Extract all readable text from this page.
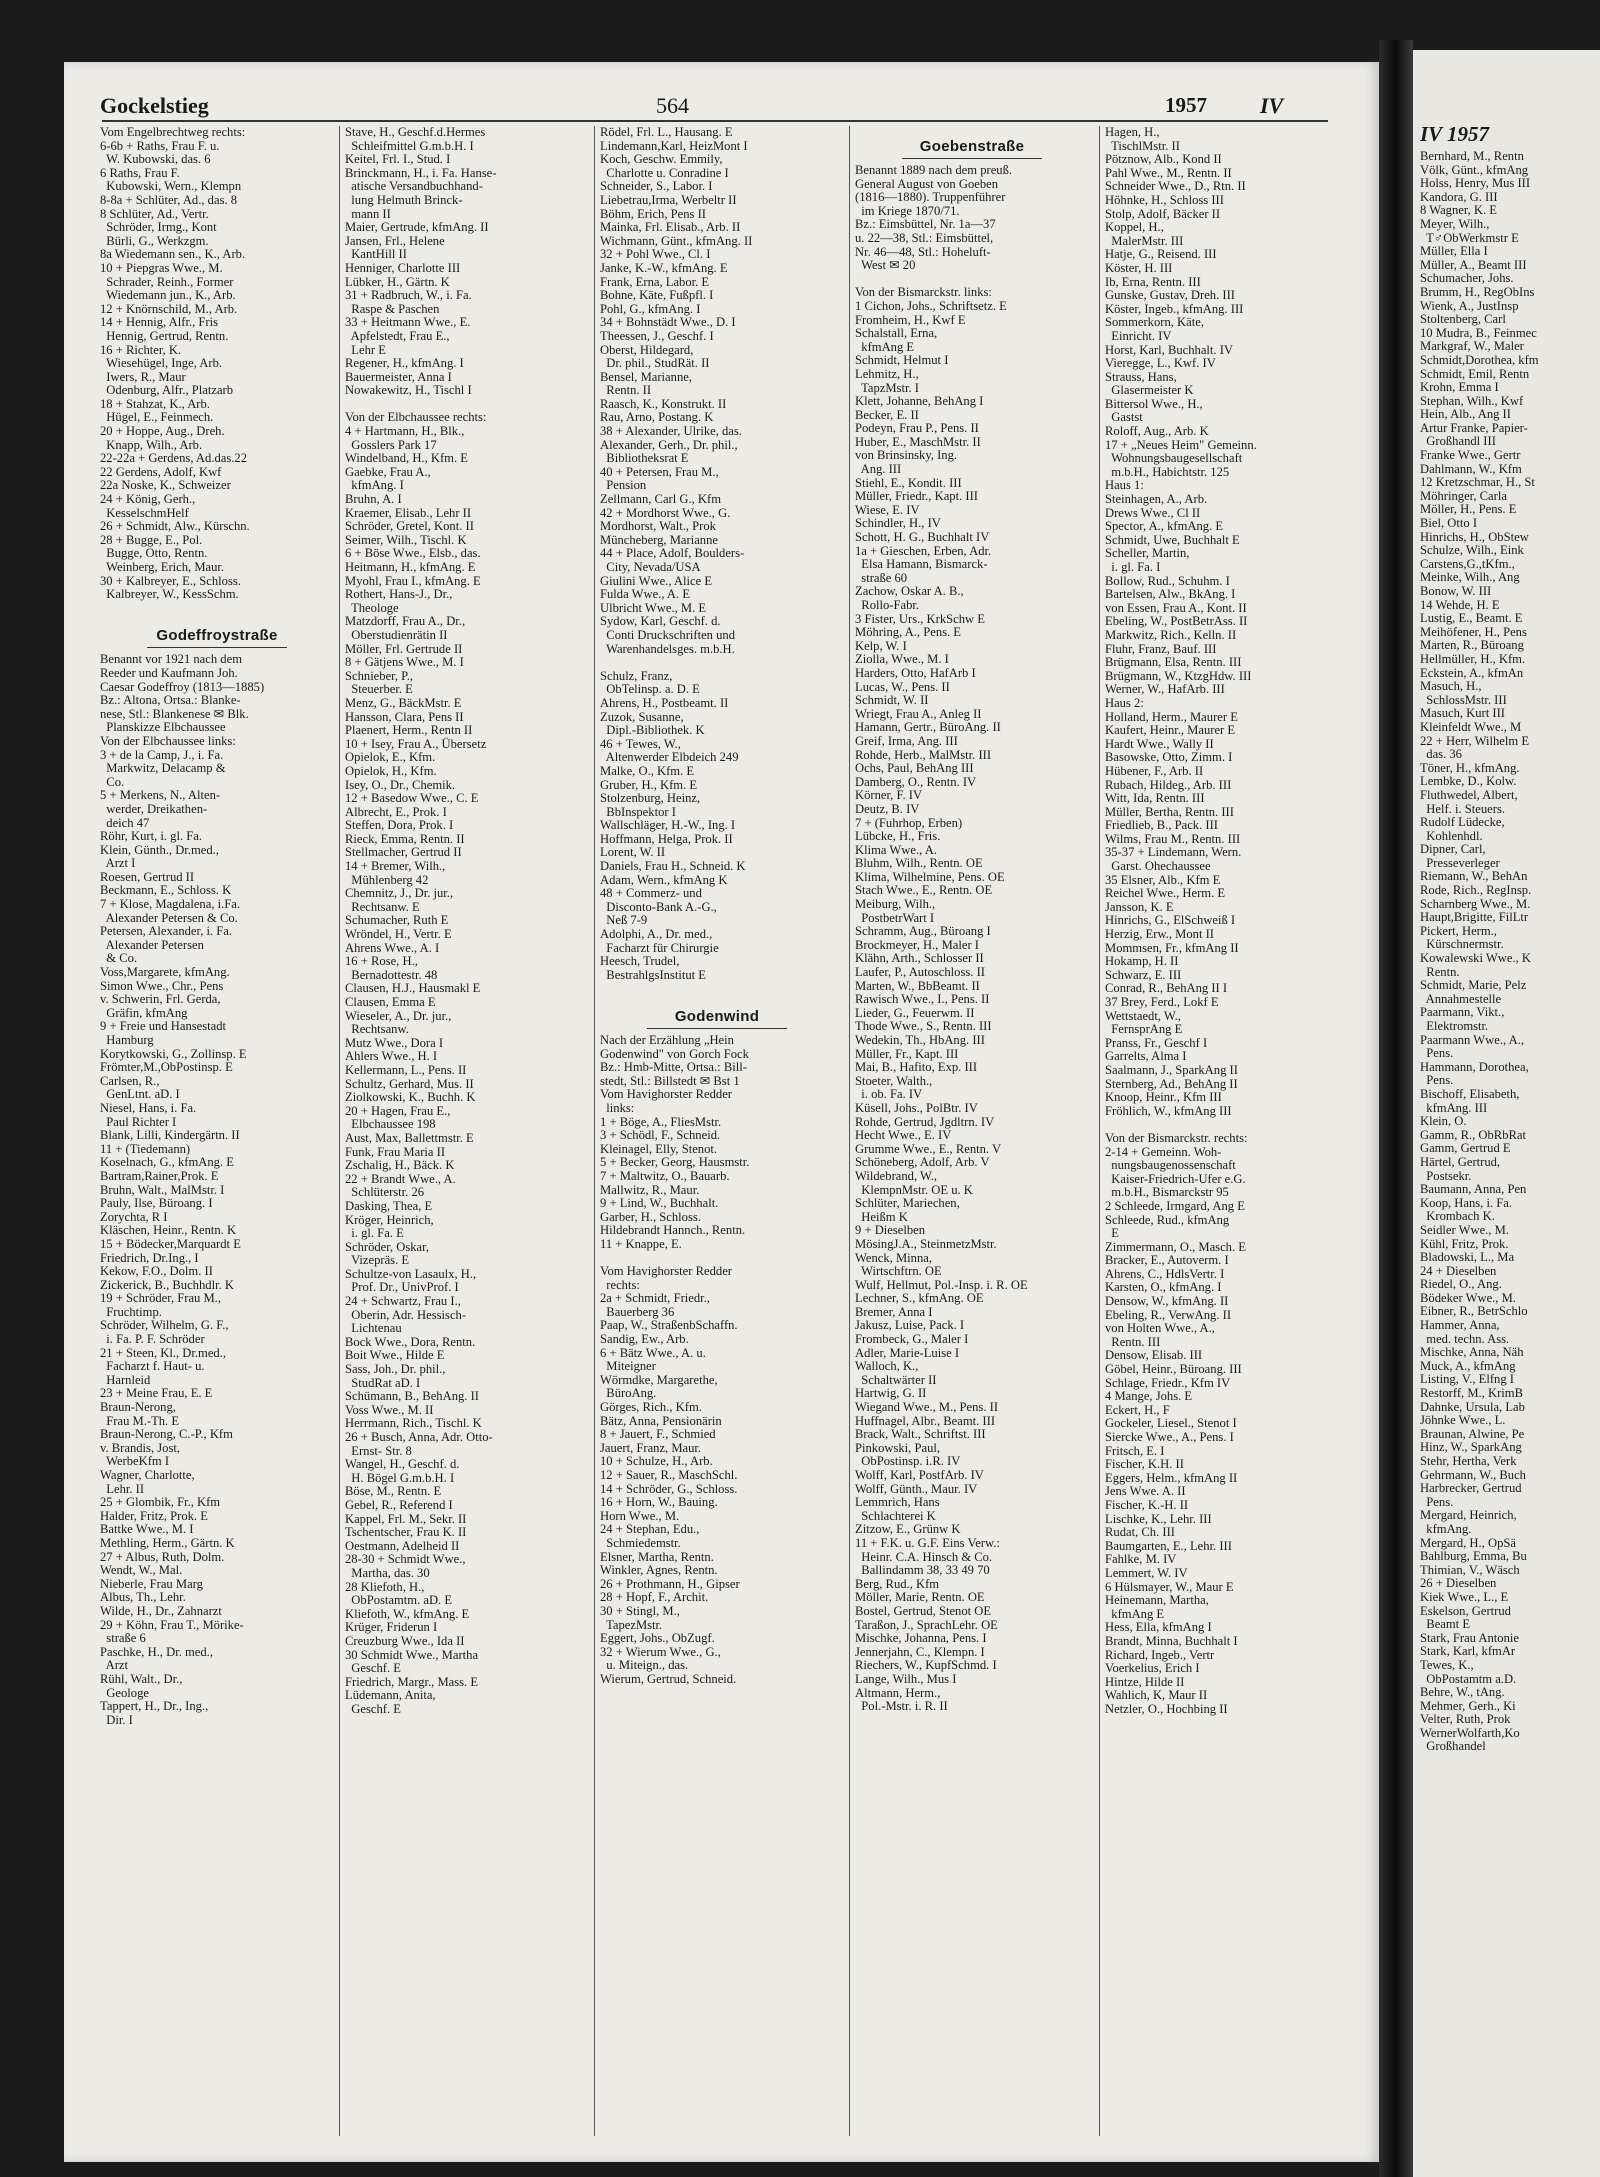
Gockelstieg	564	1957 IV
Vom Engelbrechtweg rechts:
6-6b + Raths, Frau F. u.
W. Kubowski, das. 6
6 Raths, Frau F.
Kubowski, Wern., Klempn
8-8a + Schlüter, Ad., das. 8
8 Schlüter, Ad., Vertr.
Schröder, Irmg., Kont
Bürli, G., Werkzgm.
8a Wiedemann sen., K., Arb.
10 + Piepgras Wwe., M.
Schrader, Reinh., Former
Wiedemann jun., K., Arb.
12 + Knörnschild, M., Arb.
14 + Hennig, Alfr., Fris
Hennig, Gertrud, Rentn.
16 + Richter, K.
Wiesehügel, Inge, Arb.
Iwers, R., Maur
Odenburg, Alfr., Platzarb
18 + Stahzat, K., Arb.
Hügel, E., Feinmech.
20 + Hoppe, Aug., Dreh.
Knapp, Wilh., Arb.
22-22a + Gerdens, Ad.das.22
22 Gerdens, Adolf, Kwf
22a Noske, K., Schweizer
24 + König, Gerh.,
KesselschmHelf
26 + Schmidt, Alw., Kürschn.
28 + Bugge, E., Pol.
Bugge, Otto, Rentn.
Weinberg, Erich, Maur.
30 + Kalbreyer, E., Schloss.
Kalbreyer, W., KessSchm.
Godeffroystraße
Benannt vor 1921 nach dem
Reeder und Kaufmann Joh.
Caesar Godeffroy (1813—1885)
Bz.: Altona, Ortsa.: Blanke-
nese, Stl.: Blankenese ✉ Blk.
Planskizze Elbchaussee
Von der Elbchaussee links:
3 + de la Camp, J., i. Fa.
Markwitz, Delacamp &
Co.
5 + Merkens, N., Alten-
werder, Dreikathen-
deich 47
Röhr, Kurt, i. gl. Fa.
Klein, Günth., Dr.med.,
Arzt I
Roesen, Gertrud II
Beckmann, E., Schloss. K
7 + Klose, Magdalena, i.Fa.
Alexander Petersen & Co.
Petersen, Alexander, i. Fa.
Alexander Petersen
& Co.
Voss,Margarete, kfmAng.
Simon Wwe., Chr., Pens
v. Schwerin, Frl. Gerda,
Gräfin, kfmAng
9 + Freie und Hansestadt
Hamburg
Korytkowski, G., Zollinsp. E
Frömter,M.,ObPostinsp. E
Carlsen, R.,
GenLtnt. aD. I
Niesel, Hans, i. Fa.
Paul Richter I
Blank, Lilli, Kindergärtn. II
11 + (Tiedemann)
Koselnach, G., kfmAng. E
Bartram,Rainer,Prok. E
Bruhn, Walt., MalMstr. I
Pauly, Ilse, Büroang. I
Zorychta, R I
Kläschen, Heinr., Rentn. K
15 + Bödecker,Marquardt E
Friedrich, Dr.Ing., I
Kekow, F.O., Dolm. II
Zickerick, B., Buchhdlr. K
19 + Schröder, Frau M.,
Fruchtimp.
Schröder, Wilhelm, G. F.,
i. Fa. P. F. Schröder
21 + Steen, Kl., Dr.med.,
Facharzt f. Haut- u.
Harnleid
23 + Meine Frau, E. E
Braun-Nerong,
Frau M.-Th. E
Braun-Nerong, C.-P., Kfm
v. Brandis, Jost,
WerbeKfm I
Wagner, Charlotte,
Lehr. II
25 + Glombik, Fr., Kfm
Halder, Fritz, Prok. E
Battke Wwe., M. I
Methling, Herm., Gärtn. K
27 + Albus, Ruth, Dolm.
Wendt, W., Mal.
Nieberle, Frau Marg
Albus, Th., Lehr.
Wilde, H., Dr., Zahnarzt
29 + Köhn, Frau T., Mörike-
straße 6
Paschke, H., Dr. med.,
Arzt
Rühl, Walt., Dr.,
Geologe
Tappert, H., Dr., Ing.,
Dir. I
Stave, H., Geschf.d.Hermes
Schleifmittel G.m.b.H. I
Keitel, Frl. I., Stud. I
Brinckmann, H., i. Fa. Hanse-
atische Versandbuchhand-
lung Helmuth Brinck-
mann II
Maier, Gertrude, kfmAng. II
Jansen, Frl., Helene
KantHill II
Henniger, Charlotte III
Lübker, H., Gärtn. K
31 + Radbruch, W., i. Fa.
Raspe & Paschen
33 + Heitmann Wwe., E.
Apfelstedt, Frau E.,
Lehr E
Regener, H., kfmAng. I
Bauermeister, Anna I
Nowakewitz, H., Tischl I
Von der Elbchaussee rechts:
4 + Hartmann, H., Blk.,
Gosslers Park 17
Windelband, H., Kfm. E
Gaebke, Frau A.,
kfmAng. I
Bruhn, A. I
Kraemer, Elisab., Lehr II
Schröder, Gretel, Kont. II
Seimer, Wilh., Tischl. K
6 + Böse Wwe., Elsb., das.
Heitmann, H., kfmAng. E
Myohl, Frau I., kfmAng. E
Rothert, Hans-J., Dr.,
Theologe
Matzdorff, Frau A., Dr.,
Oberstudienrätin II
Möller, Frl. Gertrude II
8 + Gätjens Wwe., M. I
Schnieber, P.,
Steuerber. E
Menz, G., BäckMstr. E
Hansson, Clara, Pens II
Plaenert, Herm., Rentn II
10 + Isey, Frau A., Übersetz
Opielok, E., Kfm.
Opielok, H., Kfm.
Isey, O., Dr., Chemik.
12 + Basedow Wwe., C. E
Albrecht, E., Prok. I
Steffen, Dora, Prok. I
Rieck, Emma, Rentn. II
Stellmacher, Gertrud II
14 + Bremer, Wilh.,
Mühlenberg 42
Chemnitz, J., Dr. jur.,
Rechtsanw. E
Schumacher, Ruth E
Wröndel, H., Vertr. E
Ahrens Wwe., A. I
16 + Rose, H.,
Bernadottestr. 48
Clausen, H.J., Hausmakl E
Clausen, Emma E
Wieseler, A., Dr. jur.,
Rechtsanw.
Mutz Wwe., Dora I
Ahlers Wwe., H. I
Kellermann, L., Pens. II
Schultz, Gerhard, Mus. II
Ziolkowski, K., Buchh. K
20 + Hagen, Frau E.,
Elbchaussee 198
Aust, Max, Ballettmstr. E
Funk, Frau Maria II
Zschalig, H., Bäck. K
22 + Brandt Wwe., A.
Schlüterstr. 26
Dasking, Thea, E
Kröger, Heinrich,
i. gl. Fa. E
Schröder, Oskar,
Vizepräs. E
Schultze-von Lasaulx, H.,
Prof. Dr., UnivProf. I
24 + Schwartz, Frau I.,
Oberin, Adr. Hessisch-
Lichtenau
Bock Wwe., Dora, Rentn.
Boit Wwe., Hilde E
Sass, Joh., Dr. phil.,
StudRat aD. I
Schümann, B., BehAng. II
Voss Wwe., M. II
Herrmann, Rich., Tischl. K
26 + Busch, Anna, Adr. Otto-
Ernst- Str. 8
Wangel, H., Geschf. d.
H. Bögel G.m.b.H. I
Böse, M., Rentn. E
Gebel, R., Referend I
Kappel, Frl. M., Sekr. II
Tschentscher, Frau K. II
Oestmann, Adelheid II
28-30 + Schmidt Wwe.,
Martha, das. 30
28 Kliefoth, H.,
ObPostamtm. aD. E
Kliefoth, W., kfmAng. E
Krüger, Friderun I
Creuzburg Wwe., Ida II
30 Schmidt Wwe., Martha
Geschf. E
Friedrich, Margr., Mass. E
Lüdemann, Anita,
Geschf. E
Rödel, Frl. L., Hausang. E
Lindemann,Karl, HeizMont I
Koch, Geschw. Emmily,
Charlotte u. Conradine I
Schneider, S., Labor. I
Liebetrau,Irma, Werbeltr II
Böhm, Erich, Pens II
Mainka, Frl. Elisab., Arb. II
Wichmann, Günt., kfmAng. II
32 + Pohl Wwe., Cl. I
Janke, K.-W., kfmAng. E
Frank, Erna, Labor. E
Bohne, Käte, Fußpfl. I
Pohl, G., kfmAng. I
34 + Bohnstädt Wwe., D. I
Theessen, J., Geschf. I
Oberst, Hildegard,
Dr. phil., StudRät. II
Bensel, Marianne,
Rentn. II
Raasch, K., Konstrukt. II
Rau, Arno, Postang. K
38 + Alexander, Ulrike, das.
Alexander, Gerh., Dr. phil.,
Bibliotheksrat E
40 + Petersen, Frau M.,
Pension
Zellmann, Carl G., Kfm
42 + Mordhorst Wwe., G.
Mordhorst, Walt., Prok
Müncheberg, Marianne
44 + Place, Adolf, Boulders-
City, Nevada/USA
Giulini Wwe., Alice E
Fulda Wwe., A. E
Ulbricht Wwe., M. E
Sydow, Karl, Geschf. d.
Conti Druckschriften und
Warenhandelsges. m.b.H.
Schulz, Franz,
ObTelinsp. a. D. E
Ahrens, H., Postbeamt. II
Zuzok, Susanne,
Dipl.-Bibliothek. K
46 + Tewes, W.,
Altenwerder Elbdeich 249
Malke, O., Kfm. E
Gruber, H., Kfm. E
Stolzenburg, Heinz,
BbInspektor I
Wallschläger, H.-W., Ing. I
Hoffmann, Helga, Prok. II
Lorent, W. II
Daniels, Frau H., Schneid. K
Adam, Wern., kfmAng K
48 + Commerz- und
Disconto-Bank A.-G.,
Neß 7-9
Adolphi, A., Dr. med.,
Facharzt für Chirurgie
Heesch, Trudel,
BestrahlgsInstitut E
Godenwind
Nach der Erzählung „Hein
Godenwind" von Gorch Fock
Bz.: Hmb-Mitte, Ortsa.: Bill-
stedt, Stl.: Billstedt ✉ Bst 1
Vom Havighorster Redder
links:
1 + Böge, A., FliesMstr.
3 + Schödl, F., Schneid.
Kleinagel, Elly, Stenot.
5 + Becker, Georg, Hausmstr.
7 + Maltwitz, O., Bauarb.
Mallwitz, R., Maur.
9 + Lind, W., Buchhalt.
Garber, H., Schloss.
Hildebrandt Hannch., Rentn.
11 + Knappe, E.
Vom Havighorster Redder
rechts:
2a + Schmidt, Friedr.,
Bauerberg 36
Paap, W., StraßenbSchaffn.
Sandig, Ew., Arb.
6 + Bätz Wwe., A. u.
Miteigner
Wörmdke, Margarethe,
BüroAng.
Görges, Rich., Kfm.
Bätz, Anna, Pensionärin
8 + Jauert, F., Schmied
Jauert, Franz, Maur.
10 + Schulze, H., Arb.
12 + Sauer, R., MaschSchl.
14 + Schröder, G., Schloss.
16 + Horn, W., Bauing.
Horn Wwe., M.
24 + Stephan, Edu.,
Schmiedemstr.
Elsner, Martha, Rentn.
Winkler, Agnes, Rentn.
26 + Prothmann, H., Gipser
28 + Hopf, F., Archit.
30 + Stingl, M.,
TapezMstr.
Eggert, Johs., ObZugf.
32 + Wierum Wwe., G.,
u. Miteign., das.
Wierum, Gertrud, Schneid.
Goebenstraße
Benannt 1889 nach dem preuß.
General August von Goeben
(1816—1880). Truppenführer
im Kriege 1870/71.
Bz.: Eimsbüttel, Nr. 1a—37
u. 22—38, Stl.: Eimsbüttel,
Nr. 46—48, Stl.: Hoheluft-
West ✉ 20
Von der Bismarckstr. links:
1 Cichon, Johs., Schriftsetz. E
Fromheim, H., Kwf E
Schalstall, Erna,
kfmAng E
Schmidt, Helmut I
Lehmitz, H.,
TapzMstr. I
Klett, Johanne, BehAng I
Becker, E. II
Podeyn, Frau P., Pens. II
Huber, E., MaschMstr. II
von Brinsinsky, Ing.
Ang. III
Stiehl, E., Kondit. III
Müller, Friedr., Kapt. III
Wiese, E. IV
Schindler, H., IV
Schott, H. G., Buchhalt IV
1a + Gieschen, Erben, Adr.
Elsa Hamann, Bismarck-
straße 60
Zachow, Oskar A. B.,
Rollo-Fabr.
3 Fister, Urs., KrkSchw E
Möhring, A., Pens. E
Kelp, W. I
Ziolla, Wwe., M. I
Harders, Otto, HafArb I
Lucas, W., Pens. II
Schmidt, W. II
Wriegt, Frau A., Anleg II
Hamann, Gertr., BüroAng. II
Greif, Irma, Ang. III
Rohde, Herb., MalMstr. III
Ochs, Paul, BehAng III
Damberg, O., Rentn. IV
Körner, F. IV
Deutz, B. IV
7 + (Fuhrhop, Erben)
Lübcke, H., Fris.
Klima Wwe., A.
Bluhm, Wilh., Rentn. OE
Klima, Wilhelmine, Pens. OE
Stach Wwe., E., Rentn. OE
Meiburg, Wilh.,
PostbetrWart I
Schramm, Aug., Büroang I
Brockmeyer, H., Maler I
Klähn, Arth., Schlosser II
Laufer, P., Autoschloss. II
Marten, W., BbBeamt. II
Rawisch Wwe., I., Pens. II
Lieder, G., Feuerwm. II
Thode Wwe., S., Rentn. III
Wedekin, Th., HbAng. III
Müller, Fr., Kapt. III
Mai, B., Hafito, Exp. III
Stoeter, Walth.,
i. ob. Fa. IV
Küsell, Johs., PolBtr. IV
Rohde, Gertrud, Jgdltrn. IV
Hecht Wwe., E. IV
Grumme Wwe., E., Rentn. V
Schöneberg, Adolf, Arb. V
Wildebrand, W.,
KlempnMstr. OE u. K
Schlüter, Mariechen,
Heißm K
9 + Dieselben
MösingJ.A., SteinmetzMstr.
Wenck, Minna,
Wirtschftrn. OE
Wulf, Hellmut, Pol.-Insp. i. R. OE
Lechner, S., kfmAng. OE
Bremer, Anna I
Jakusz, Luise, Pack. I
Frombeck, G., Maler I
Adler, Marie-Luise I
Walloch, K.,
Schaltwärter II
Hartwig, G. II
Wiegand Wwe., M., Pens. II
Huffnagel, Albr., Beamt. III
Brack, Walt., Schriftst. III
Pinkowski, Paul,
ObPostinsp. i.R. IV
Wolff, Karl, PostfArb. IV
Wolff, Günth., Maur. IV
Lemmrich, Hans
Schlachterei K
Zitzow, E., Grünw K
11 + F.K. u. G.F. Eins Verw.:
Heinr. C.A. Hinsch & Co.
Ballindamm 38, 33 49 70
Berg, Rud., Kfm
Möller, Marie, Rentn. OE
Bostel, Gertrud, Stenot OE
Taraßon, J., SprachLehr. OE
Mischke, Johanna, Pens. I
Jennerjahn, C., Klempn. I
Riechers, W., KupfSchmd. I
Lange, Wilh., Mus I
Altmann, Herm.,
Pol.-Mstr. i. R. II
Hagen, H.,
TischlMstr. II
Pötznow, Alb., Kond II
Pahl Wwe., M., Rentn. II
Schneider Wwe., D., Rtn. II
Höhnke, H., Schloss III
Stolp, Adolf, Bäcker II
Koppel, H.,
MalerMstr. III
Hatje, G., Reisend. III
Köster, H. III
Ib, Erna, Rentn. III
Gunske, Gustav, Dreh. III
Köster, Ingeb., kfmAng. III
Sommerkorn, Käte,
Einricht. IV
Horst, Karl, Buchhalt. IV
Vieregge, L., Kwf. IV
Strauss, Hans,
Glasermeister K
Bittersol Wwe., H.,
Gastst
Roloff, Aug., Arb. K
17 + „Neues Heim" Gemeinn.
Wohnungsbaugesellschaft
m.b.H., Habichtstr. 125
Haus 1:
Steinhagen, A., Arb.
Drews Wwe., Cl II
Spector, A., kfmAng. E
Schmidt, Uwe, Buchhalt E
Scheller, Martin,
i. gl. Fa. I
Bollow, Rud., Schuhm. I
Bartelsen, Alw., BkAng. I
von Essen, Frau A., Kont. II
Ebeling, W., PostBetrAss. II
Markwitz, Rich., Kelln. II
Fluhr, Franz, Bauf. III
Brügmann, Elsa, Rentn. III
Brügmann, W., KtzgHdw. III
Werner, W., HafArb. III
Haus 2:
Holland, Herm., Maurer E
Kaufert, Heinr., Maurer E
Hardt Wwe., Wally II
Basowske, Otto, Zimm. I
Hübener, F., Arb. II
Rubach, Hildeg., Arb. III
Witt, Ida, Rentn. III
Müller, Bertha, Rentn. III
Friedlieb, B., Pack. III
Wilms, Frau M., Rentn. III
35-37 + Lindemann, Wern.
Garst. Ohechaussee
35 Elsner, Alb., Kfm E
Reichel Wwe., Herm. E
Jansson, K. E
Hinrichs, G., ElSchweiß I
Herzig, Erw., Mont II
Mommsen, Fr., kfmAng II
Hokamp, H. II
Schwarz, E. III
Conrad, R., BehAng II I
37 Brey, Ferd., Lokf E
Wettstaedt, W.,
FernsprAng E
Pranss, Fr., Geschf I
Garrelts, Alma I
Saalmann, J., SparkAng II
Sternberg, Ad., BehAng II
Knoop, Heinr., Kfm III
Fröhlich, W., kfmAng III
Von der Bismarckstr. rechts:
2-14 + Gemeinn. Woh-
nungsbaugenossenschaft
Kaiser-Friedrich-Ufer e.G.
m.b.H., Bismarckstr 95
2 Schleede, Irmgard, Ang E
Schleede, Rud., kfmAng
E
Zimmermann, O., Masch. E
Bracker, E., Autoverm. I
Ahrens, C., HdlsVertr. I
Karsten, O., kfmAng. I
Densow, W., kfmAng. II
Ebeling, R., VerwAng. II
von Holten Wwe., A.,
Rentn. III
Densow, Elisab. III
Göbel, Heinr., Büroang. III
Schlage, Friedr., Kfm IV
4 Mange, Johs. E
Eckert, H., F
Gockeler, Liesel., Stenot I
Siercke Wwe., A., Pens. I
Fritsch, E. I
Fischer, K.H. II
Eggers, Helm., kfmAng II
Jens Wwe. A. II
Fischer, K.-H. II
Lischke, K., Lehr. III
Rudat, Ch. III
Baumgarten, E., Lehr. III
Fahlke, M. IV
Lemmert, W. IV
6 Hülsmayer, W., Maur E
Heinemann, Martha,
kfmAng E
Hess, Ella, kfmAng I
Brandt, Minna, Buchhalt I
Richard, Ingeb., Vertr
Voerkelius, Erich I
Hintze, Hilde II
Wahlich, K, Maur II
Netzler, O., Hochbing II
IV 1957
Bernhard, M., Rentn
Völk, Günt., kfmAng
Holss, Henry, Mus III
Kandora, G. III
8 Wagner, K. E
Meyer, Wilh.,
T♂ObWerkmstr E
Müller, Ella I
Müller, A., Beamt III
Schumacher, Johs.
Brumm, H., RegObIns
Wienk, A., JustInsp
Stoltenberg, Carl
10 Mudra, B., Feinmec
Markgraf, W., Maler
Schmidt,Dorothea, kfm
Schmidt, Emil, Rentn
Krohn, Emma I
Stephan, Wilh., Kwf
Hein, Alb., Ang II
Artur Franke, Papier-
Großhandl III
Franke Wwe., Gertr
Dahlmann, W., Kfm
12 Kretzschmar, H., St
Möhringer, Carla
Möller, H., Pens. E
Biel, Otto I
Hinrichs, H., ObStew
Schulze, Wilh., Eink
Carstens,G.,tKfm.,
Meinke, Wilh., Ang
Bonow, W. III
14 Wehde, H. E
Lustig, E., Beamt. E
Meihöfener, H., Pens
Marten, R., Büroang
Hellmüller, H., Kfm.
Eckstein, A., kfmAn
Masuch, H.,
SchlossMstr. III
Masuch, Kurt III
Kleinfeldt Wwe., M
22 + Herr, Wilhelm E
das. 36
Töner, H., kfmAng.
Lembke, D., Kolw.
Fluthwedel, Albert,
Helf. i. Steuers.
Rudolf Lüdecke,
Kohlenhdl.
Dipner, Carl,
Presseverleger
Riemann, W., BehAn
Rode, Rich., RegInsp.
Scharnberg Wwe., M.
Haupt,Brigitte, FilLtr
Pickert, Herm.,
Kürschnermstr.
Kowalewski Wwe., K
Rentn.
Schmidt, Marie, Pelz
Annahmestelle
Paarmann, Vikt.,
Elektromstr.
Paarmann Wwe., A.,
Pens.
Hammann, Dorothea,
Pens.
Bischoff, Elisabeth,
kfmAng. III
Klein, O.
Gamm, R., ObRbRat
Gamm, Gertrud E
Härtel, Gertrud,
Postsekr.
Baumann, Anna, Pen
Koop, Hans, i. Fa.
Krombach K.
Seidler Wwe., M.
Kühl, Fritz, Prok.
Bladowski, L., Ma
24 + Dieselben
Riedel, O., Ang.
Bödeker Wwe., M.
Eibner, R., BetrSchlo
Hammer, Anna,
med. techn. Ass.
Mischke, Anna, Näh
Muck, A., kfmAng
Listing, V., Elfng I
Restorff, M., KrimB
Dahnke, Ursula, Lab
Jöhnke Wwe., L.
Braunan, Alwine, Pe
Hinz, W., SparkAng
Stehr, Hertha, Verk
Gehrmann, W., Buch
Harbrecker, Gertrud
Pens.
Mergard, Heinrich,
kfmAng.
Mergard, H., OpSä
Bahlburg, Emma, Bu
Thimian, V., Wäsch
26 + Dieselben
Kiek Wwe., L., E
Eskelson, Gertrud
Beamt E
Stark, Frau Antonie
Stark, Karl, kfmAr
Tewes, K.,
ObPostamtm a.D.
Behre, W., tAng.
Mehmer, Gerh., Ki
Velter, Ruth, Prok
WernerWolfarth,Ko
Großhandel
